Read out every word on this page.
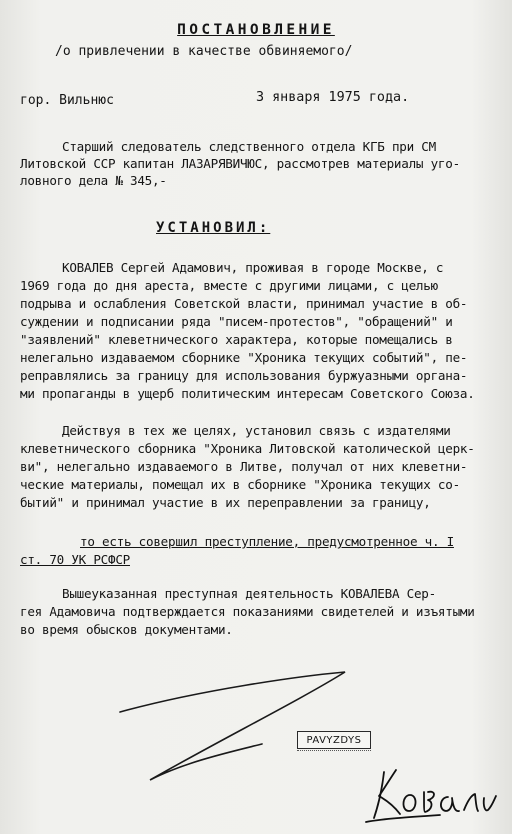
ПОСТАНОВЛЕНИЕ
/о привлечении в качестве обвиняемого/
гор. Вильнюс	3 января 1975 года.
Старший следователь следственного отдела КГБ при СМ
Литовской ССР капитан ЛАЗАРЯВИЧЮС, рассмотрев материалы уго-
ловного дела № 345,-
УСТАНОВИЛ:
КОВАЛЕВ Сергей Адамович, проживая в городе Москве, с
1969 года до дня ареста, вместе с другими лицами, с целью
подрыва и ослабления Советской власти, принимал участие в об-
суждении и подписании ряда "писем-протестов", "обращений" и
"заявлений" клеветнического характера, которые помещались в
нелегально издаваемом сборнике "Хроника текущих событий", пе-
реправлялись за границу для использования буржуазными органа-
ми пропаганды в ущерб политическим интересам Советского Союза.
Действуя в тех же целях, установил связь с издателями
клеветнического сборника "Хроника Литовской католической церк-
ви", нелегально издаваемого в Литве, получал от них клеветни-
ческие материалы, помещал их в сборнике "Хроника текущих со-
бытий" и принимал участие в их переправлении за границу,
то есть совершил преступление, предусмотренное ч. I
ст. 70 УК РСФСР
Вышеуказанная преступная деятельность КОВАЛЕВА Сер-
гея Адамовича подтверждается показаниями свидетелей и изъятыми
во время обысков документами.
PAVYZDYS
